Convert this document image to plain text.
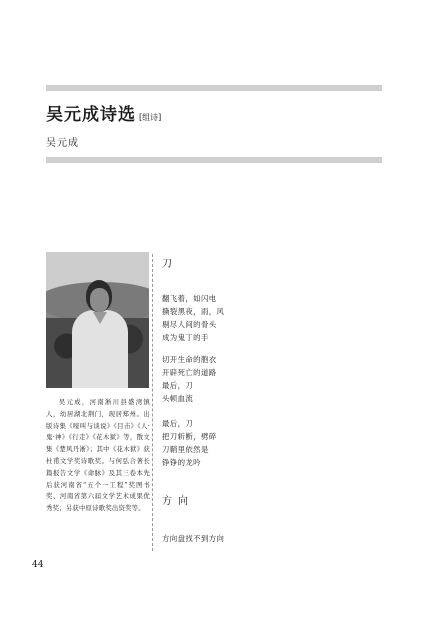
吴元成诗选 [组诗]
吴元成
吴元成，河南淅川县盛湾镇人，幼居湖北荆门，现居郑州。出版诗集《嚎叫与谈说》《目击》《人·鬼·神》《行走》《花木狱》等，散文集《楚风丹淅》；其中《花木狱》获杜甫文学奖诗歌奖。与何弘合著长篇报告文学《命脉》及其三卷本先后获河南省“五个一工程”奖图书奖、河南省第六届文学艺术成果优秀奖；另获中原诗歌奖出资奖等。
刀
翻飞着，如闪电
撕裂黑夜，雨，风
剔尽人间的骨头
成为鬼丁的手
切开生命的胞衣
开辟死亡的道路
最后，刀
头顿血流
最后，刀
把刀斩断，劈碎
刀鞘里依然是
铮铮的龙吟
方向
方向盘找不到方向
44
